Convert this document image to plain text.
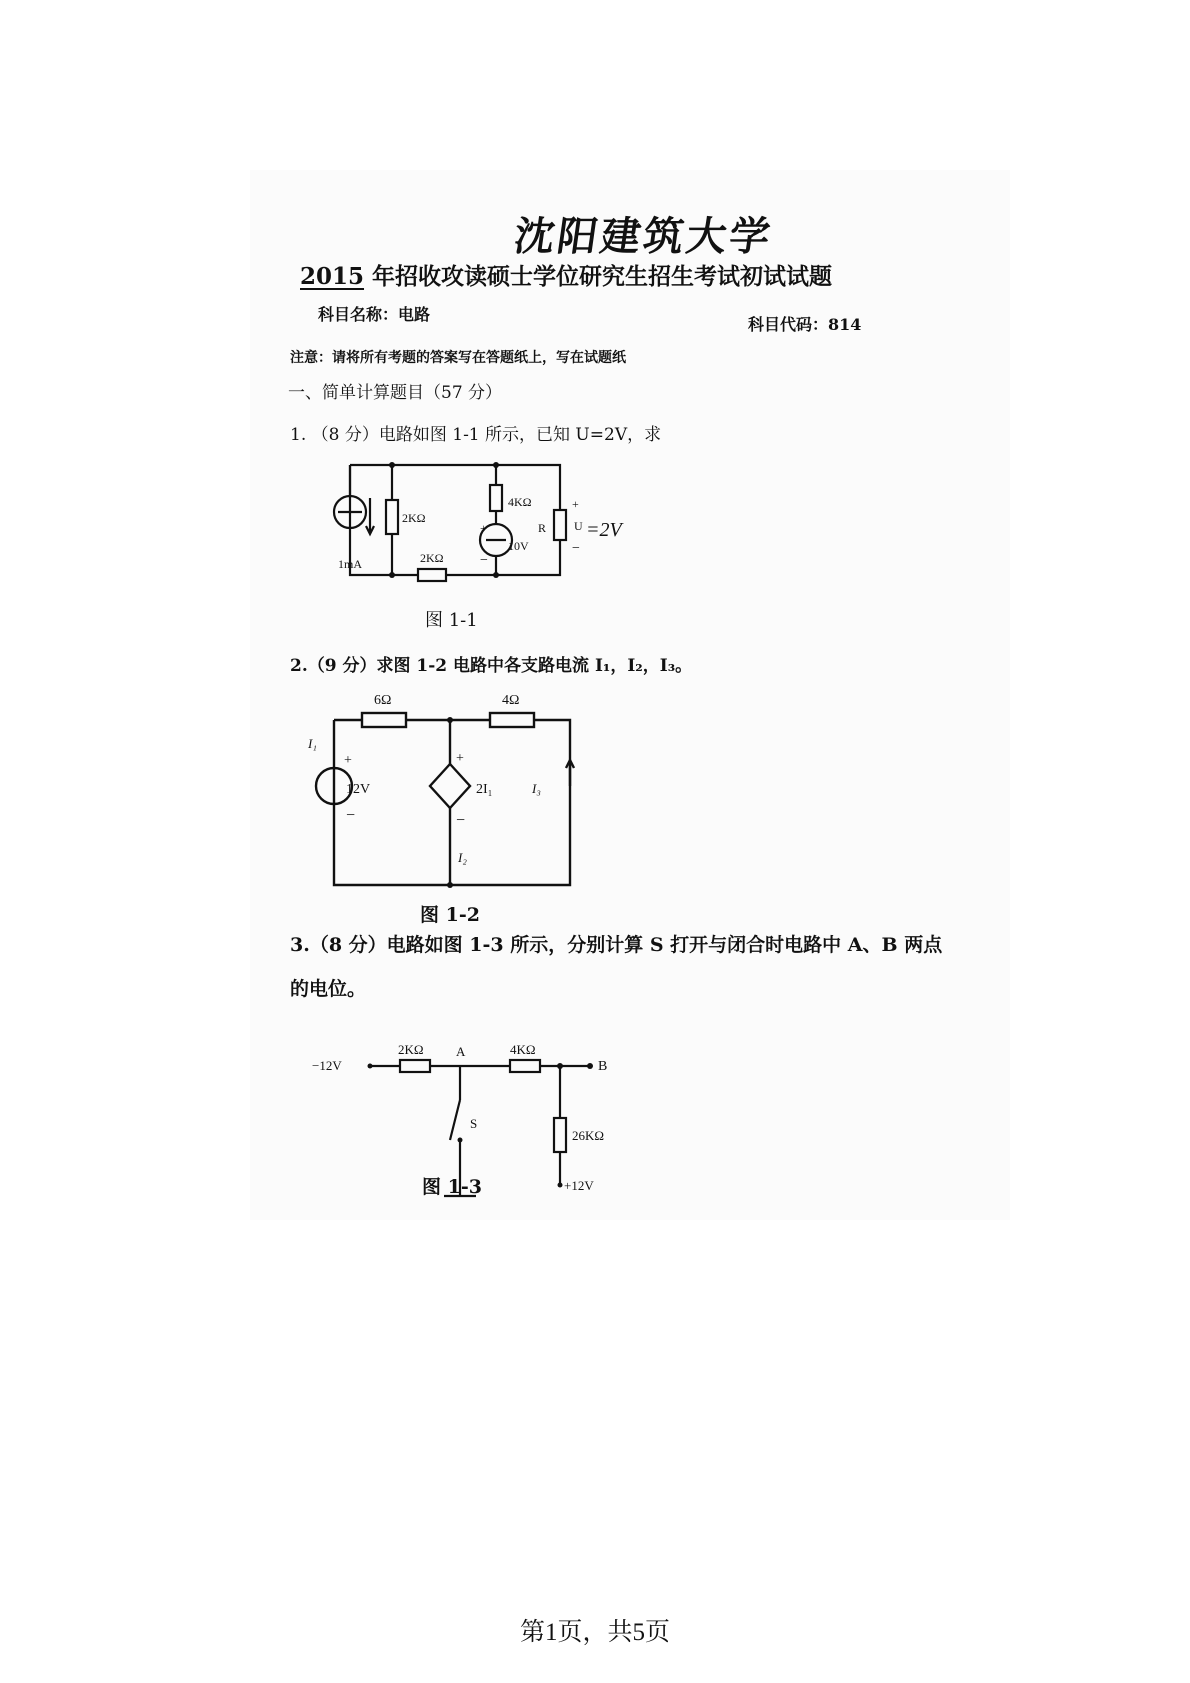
沈阳建筑大学
2015 年招收攻读硕士学位研究生招生考试初试试题
科目名称：电路
科目代码：814
注意：请将所有考题的答案写在答题纸上，写在试题纸
一、简单计算题目（57 分）
1. （8 分）电路如图 1-1 所示，已知 U=2V，求
1mA
2KΩ
4KΩ
10V
+
−
2KΩ
R
+
U
−
=2V
图 1-1
2.（9 分）求图 1-2 电路中各支路电流 I₁，I₂，I₃。
6Ω	4Ω
I₁
+
12V
−
+
2I₁
−
I₂
I₃
图 1-2
3.（8 分）电路如图 1-3 所示，分别计算 S 打开与闭合时电路中 A、B 两点
的电位。
−12V
2KΩ A	4KΩ
B
S
26KΩ
+12V
图 1-3
第1页，共5页
